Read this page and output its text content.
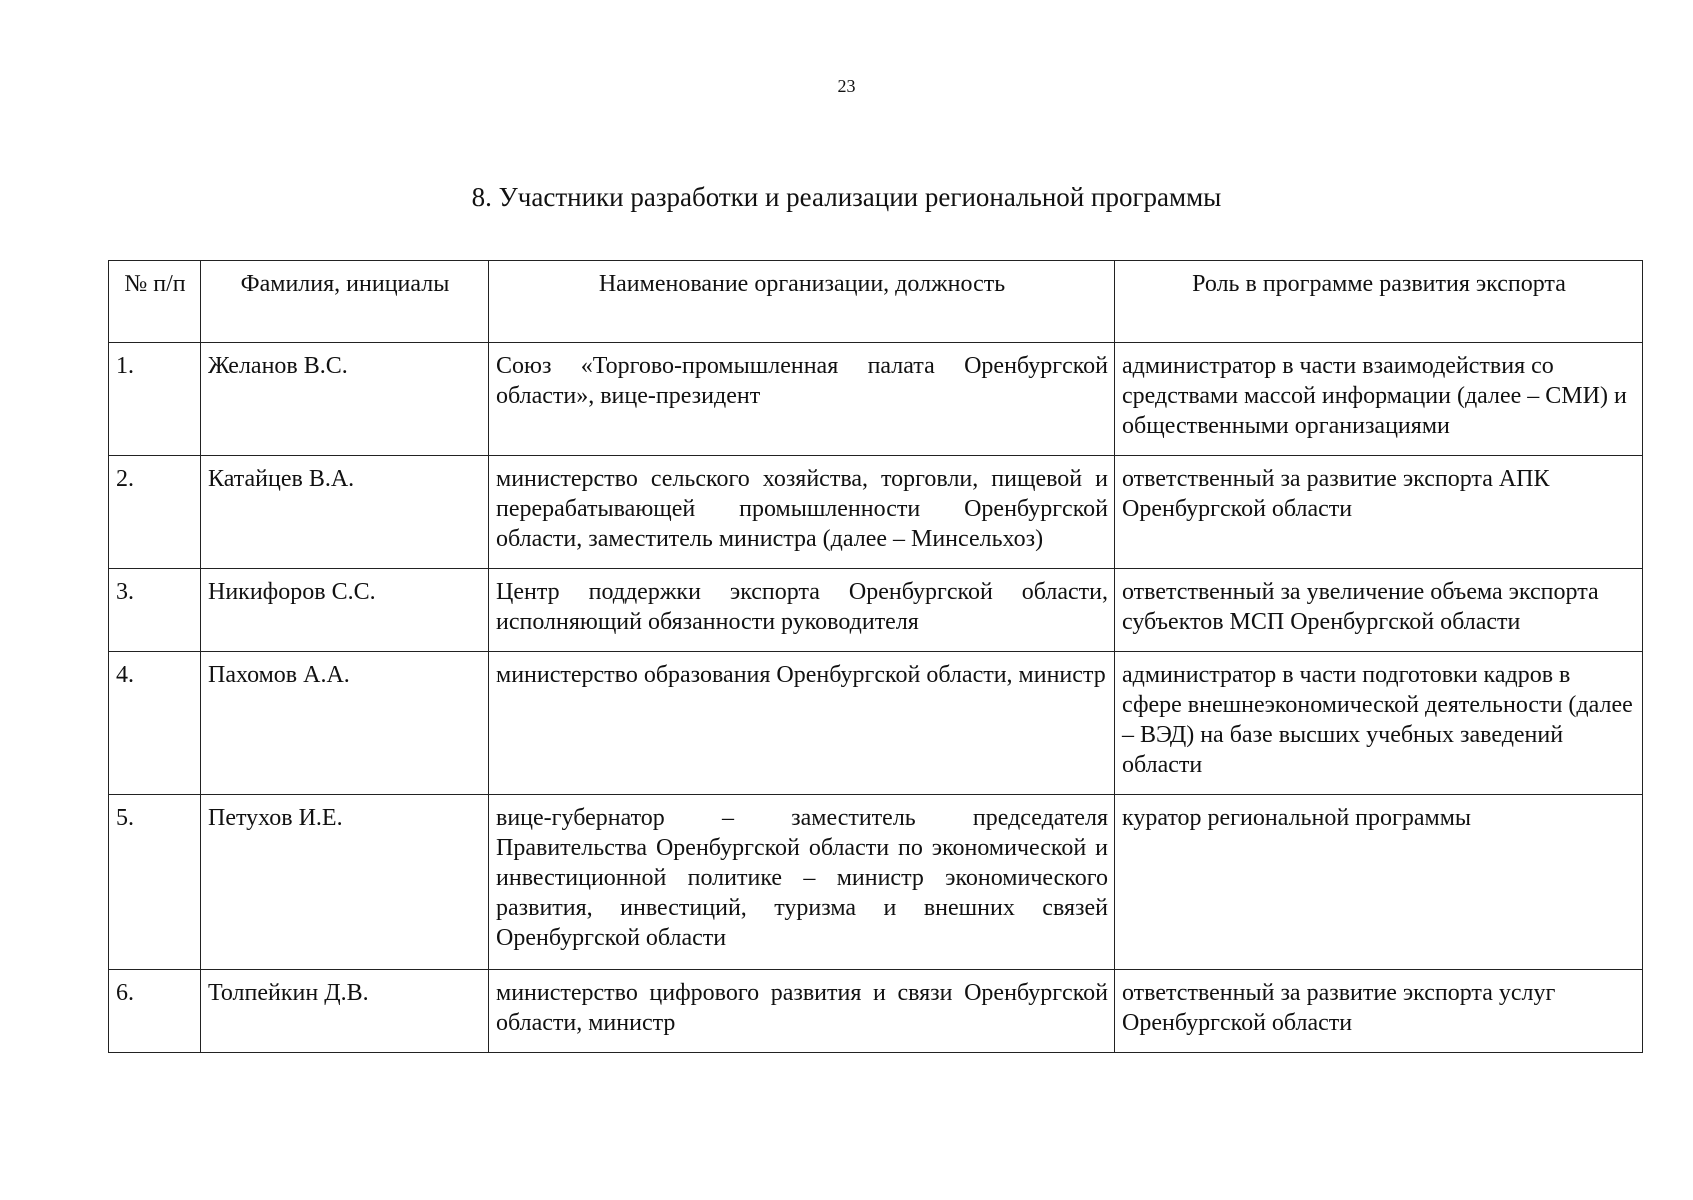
23
8. Участники разработки и реализации региональной программы
№ п/п	Фамилия, инициалы	Наименование организации, должность	Роль в программе развития экспорта
1.	Желанов В.С.	Союз «Торгово-промышленная палата Оренбургской области», вице-президент	администратор в части взаимодействия со средствами массой информации (далее – СМИ) и общественными организациями
2.	Катайцев В.А.	министерство сельского хозяйства, торговли, пищевой и перерабатывающей промышленности Оренбургской области, заместитель министра (далее – Минсельхоз)	ответственный за развитие экспорта АПК Оренбургской области
3.	Никифоров С.С.	Центр поддержки экспорта Оренбургской области, исполняющий обязанности руководителя	ответственный за увеличение объема экспорта субъектов МСП Оренбургской области
4.	Пахомов А.А.	министерство образования Оренбургской области, министр	администратор в части подготовки кадров в сфере внешнеэкономической деятельности (далее – ВЭД) на базе высших учебных заведений области
5.	Петухов И.Е.	вице-губернатор – заместитель председателя Правительства Оренбургской области по экономической и инвестиционной политике – министр экономического развития, инвестиций, туризма и внешних связей Оренбургской области	куратор региональной программы
6.	Толпейкин Д.В.	министерство цифрового развития и связи Оренбургской области, министр	ответственный за развитие экспорта услуг Оренбургской области
